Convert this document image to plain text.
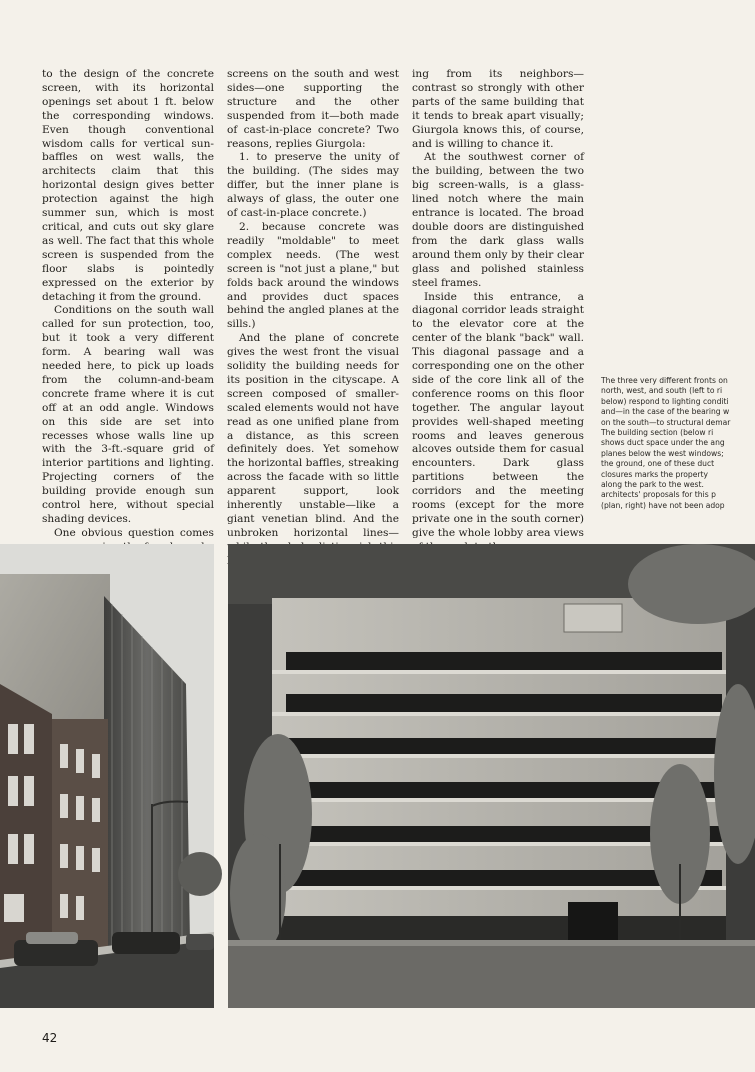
to the design of the concrete screen, with its horizontal openings set about 1 ft. below the corresponding windows. Even though conventional wisdom calls for vertical sun-baffles on west walls, the architects claim that this horizontal design gives better protection against the high summer sun, which is most critical, and cuts out sky glare as well. The fact that this whole screen is suspended from the floor slabs is pointedly expressed on the exterior by detaching it from the ground.

Conditions on the south wall called for sun protection, too, but it took a very different form. A bearing wall was needed here, to pick up loads from the column-and-beam concrete frame where it is cut off at an odd angle. Windows on this side are set into recesses whose walls line up with the 3-ft.-square grid of interior partitions and lighting. Projecting corners of the building provide enough sun control here, without special shading devices.

One obvious question comes

screens on the south and west sides—one supporting the structure and the other suspended from it—both made of cast-in-place concrete? Two reasons, replies Giurgola:

1. to preserve the unity of the building. (The sides may differ, but the inner plane is always of glass, the outer one of cast-in-place concrete.)

2. because concrete was readily "moldable" to meet complex needs. (The west screen is "not just a plane," but folds back around the windows and provides duct spaces behind the angled planes at the sills.)

And the plane of concrete gives the west front the visual solidity the building needs for its position in the cityscape. A screen composed of smaller-scaled elements would not have read as one unified plane from a distance, as this screen definitely does. Yet somehow the horizontal baffles, streaking across the facade with so little apparent support, look inherently unstable—like a giant venetian blind. And the unbroken horizontal lines—

ing from its neighbors—contrast so strongly with other parts of the same building that it tends to break apart visually; Giurgola knows this, of course, and is willing to chance it.

At the southwest corner of the building, between the two big screen-walls, is a glass-lined notch where the main entrance is located. The broad double doors are distinguished from the dark glass walls around them only by their clear glass and polished stainless steel frames.

Inside this entrance, a diagonal corridor leads straight to the elevator core at the center of the blank "back" wall. This diagonal passage and a corresponding one on the other side of the core link all of the conference rooms on this floor together. The angular layout provides well-shaped meeting rooms and leaves generous alcoves outside them for casual encounters. Dark glass partitions between the corridors and the meeting rooms (except for the more private one in the south corner) give the whole lobby area views

The three very different fronts on
north, west, and south (left to ri
below) respond to lighting conditi
and—in the case of the bearing w
on the south—to structural demar
The building section (below ri
shows duct space under the ang
planes below the west windows;
the ground, one of these duct
closures marks the property
along the park to the west.
architects' proposals for this p
(plan, right) have not been adop
42
